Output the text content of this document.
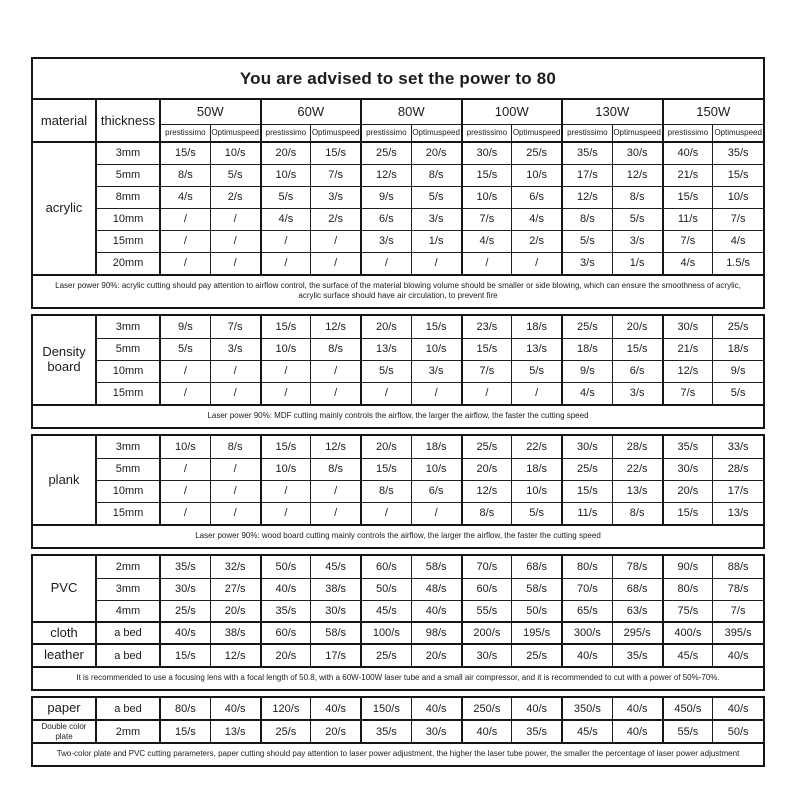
You are advised to set the power to 80
material	thickness	50W		60W		80W		100W		130W		150W	
		prestissimo	Optimuspeed	prestissimo	Optimuspeed	prestissimo	Optimuspeed	prestissimo	Optimuspeed	prestissimo	Optimuspeed	prestissimo	Optimuspeed
acrylic	3mm	15/s	10/s	20/s	15/s	25/s	20/s	30/s	25/s	35/s	30/s	40/s	35/s
	5mm	8/s	5/s	10/s	7/s	12/s	8/s	15/s	10/s	17/s	12/s	21/s	15/s
	8mm	4/s	2/s	5/s	3/s	9/s	5/s	10/s	6/s	12/s	8/s	15/s	10/s
	10mm	/	/	4/s	2/s	6/s	3/s	7/s	4/s	8/s	5/s	11/s	7/s
	15mm	/	/	/	/	3/s	1/s	4/s	2/s	5/s	3/s	7/s	4/s
	20mm	/	/	/	/	/	/	/	/	3/s	1/s	4/s	1.5/s
Laser power 90%: acrylic cutting should pay attention to airflow control, the surface of the material blowing volume should be smaller or side blowing, which can ensure the smoothness of acrylic, acrylic surface should have air circulation, to prevent fire
Density board	3mm	9/s	7/s	15/s	12/s	20/s	15/s	23/s	18/s	25/s	20/s	30/s	25/s
	5mm	5/s	3/s	10/s	8/s	13/s	10/s	15/s	13/s	18/s	15/s	21/s	18/s
	10mm	/	/	/	/	5/s	3/s	7/s	5/s	9/s	6/s	12/s	9/s
	15mm	/	/	/	/	/	/	/	/	4/s	3/s	7/s	5/s
Laser power 90%: MDF cutting mainly controls the airflow, the larger the airflow, the faster the cutting speed
plank	3mm	10/s	8/s	15/s	12/s	20/s	18/s	25/s	22/s	30/s	28/s	35/s	33/s
	5mm	/	/	10/s	8/s	15/s	10/s	20/s	18/s	25/s	22/s	30/s	28/s
	10mm	/	/	/	/	8/s	6/s	12/s	10/s	15/s	13/s	20/s	17/s
	15mm	/	/	/	/	/	/	8/s	5/s	11/s	8/s	15/s	13/s
Laser power 90%: wood board cutting mainly controls the airflow, the larger the airflow, the faster the cutting speed
PVC	2mm	35/s	32/s	50/s	45/s	60/s	58/s	70/s	68/s	80/s	78/s	90/s	88/s
	3mm	30/s	27/s	40/s	38/s	50/s	48/s	60/s	58/s	70/s	68/s	80/s	78/s
	4mm	25/s	20/s	35/s	30/s	45/s	40/s	55/s	50/s	65/s	63/s	75/s	7/s
cloth	a bed	40/s	38/s	60/s	58/s	100/s	98/s	200/s	195/s	300/s	295/s	400/s	395/s
leather	a bed	15/s	12/s	20/s	17/s	25/s	20/s	30/s	25/s	40/s	35/s	45/s	40/s
It is recommended to use a focusing lens with a focal length of 50.8, with a 60W-100W laser tube and a small air compressor, and it is recommended to cut with a power of 50%-70%.
paper	a bed	80/s	40/s	120/s	40/s	150/s	40/s	250/s	40/s	350/s	40/s	450/s	40/s
Double color plate	2mm	15/s	13/s	25/s	20/s	35/s	30/s	40/s	35/s	45/s	40/s	55/s	50/s
Two-color plate and PVC cutting parameters, paper cutting should pay attention to laser power adjustment, the higher the laser tube power, the smaller the percentage of laser power adjustment
